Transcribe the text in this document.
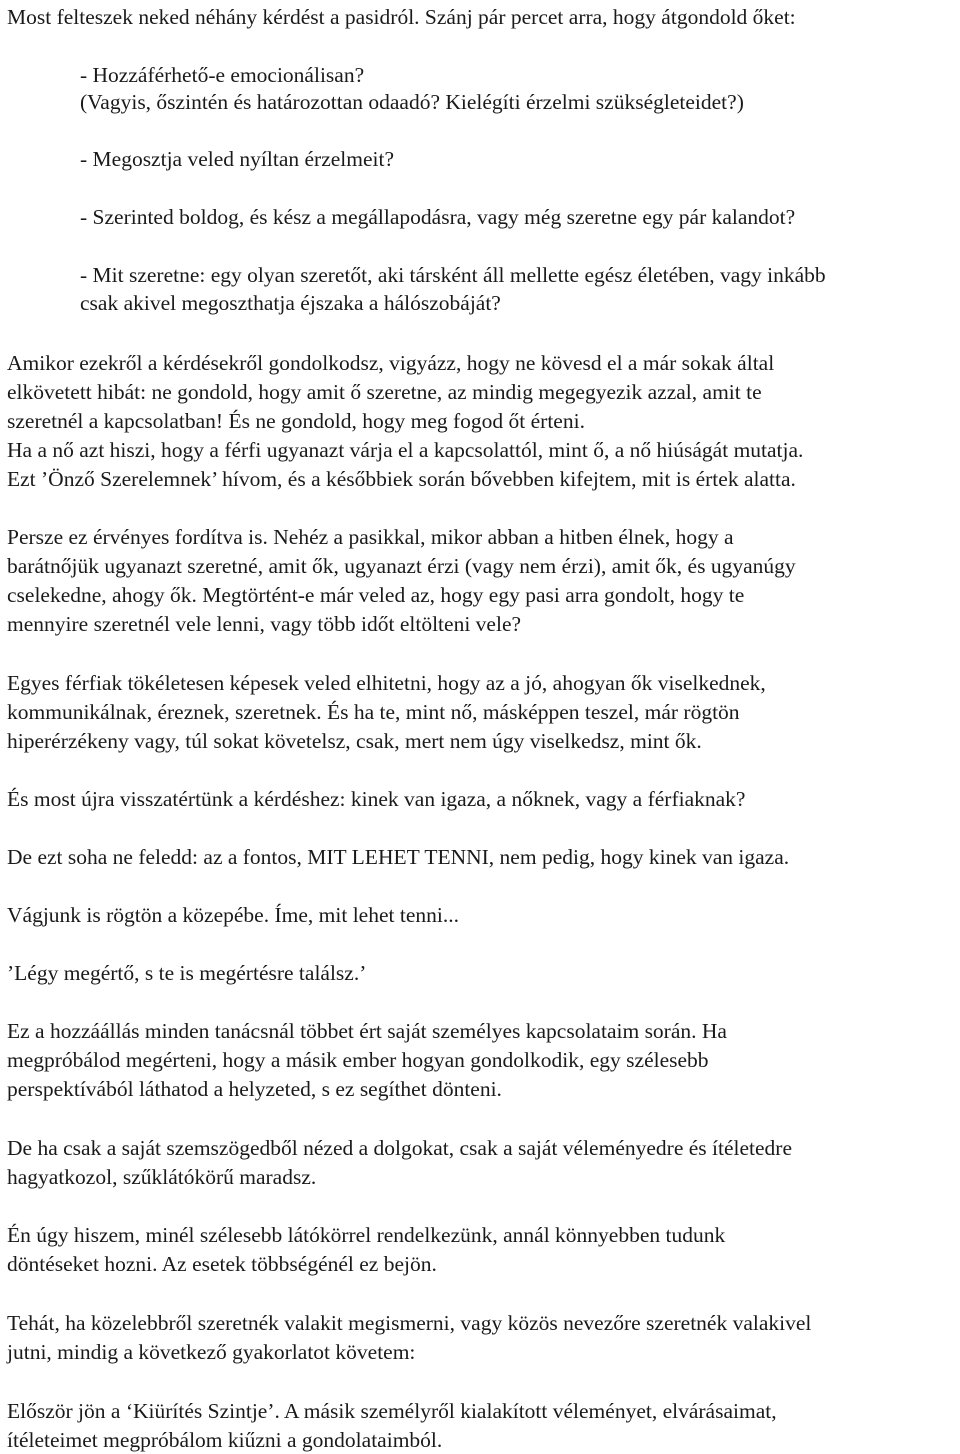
Most felteszek neked néhány kérdést a pasidról. Szánj pár percet arra, hogy átgondold őket:
- Hozzáférhető-e emocionálisan?
(Vagyis, őszintén és határozottan odaadó? Kielégíti érzelmi szükségleteidet?)
- Megosztja veled nyíltan érzelmeit?
- Szerinted boldog, és kész a megállapodásra, vagy még szeretne egy pár kalandot?
- Mit szeretne: egy olyan szeretőt, aki társként áll mellette egész életében, vagy inkább
csak akivel megoszthatja éjszaka a hálószobáját?
Amikor ezekről a kérdésekről gondolkodsz, vigyázz, hogy ne kövesd el a már sokak által
elkövetett hibát: ne gondold, hogy amit ő szeretne, az mindig megegyezik azzal, amit te
szeretnél a kapcsolatban! És ne gondold, hogy meg fogod őt érteni.
Ha a nő azt hiszi, hogy a férfi ugyanazt várja el a kapcsolattól, mint ő, a nő hiúságát mutatja.
Ezt ’Önző Szerelemnek’ hívom, és a későbbiek során bővebben kifejtem, mit is értek alatta.
Persze ez érvényes fordítva is. Nehéz a pasikkal, mikor abban a hitben élnek, hogy a
barátnőjük ugyanazt szeretné, amit ők, ugyanazt érzi (vagy nem érzi), amit ők, és ugyanúgy
cselekedne, ahogy ők. Megtörtént-e már veled az, hogy egy pasi arra gondolt, hogy te
mennyire szeretnél vele lenni, vagy több időt eltölteni vele?
Egyes férfiak tökéletesen képesek veled elhitetni, hogy az a jó, ahogyan ők viselkednek,
kommunikálnak, éreznek, szeretnek. És ha te, mint nő, másképpen teszel, már rögtön
hiperérzékeny vagy, túl sokat követelsz, csak, mert nem úgy viselkedsz, mint ők.
És most újra visszatértünk a kérdéshez: kinek van igaza, a nőknek, vagy a férfiaknak?
De ezt soha ne feledd: az a fontos, MIT LEHET TENNI, nem pedig, hogy kinek van igaza.
Vágjunk is rögtön a közepébe. Íme, mit lehet tenni...
’Légy megértő, s te is megértésre találsz.’
Ez a hozzáállás minden tanácsnál többet ért saját személyes kapcsolataim során. Ha
megpróbálod megérteni, hogy a másik ember hogyan gondolkodik, egy szélesebb
perspektívából láthatod a helyzeted, s ez segíthet dönteni.
De ha csak a saját szemszögedből nézed a dolgokat, csak a saját véleményedre és ítéletedre
hagyatkozol, szűklátókörű maradsz.
Én úgy hiszem, minél szélesebb látókörrel rendelkezünk, annál könnyebben tudunk
döntéseket hozni. Az esetek többségénél ez bejön.
Tehát, ha közelebbről szeretnék valakit megismerni, vagy közös nevezőre szeretnék valakivel
jutni, mindig a következő gyakorlatot követem:
Először jön a ‘Kiürítés Szintje’. A másik személyről kialakított véleményet, elvárásaimat,
ítéleteimet megpróbálom kiűzni a gondolataimból.
